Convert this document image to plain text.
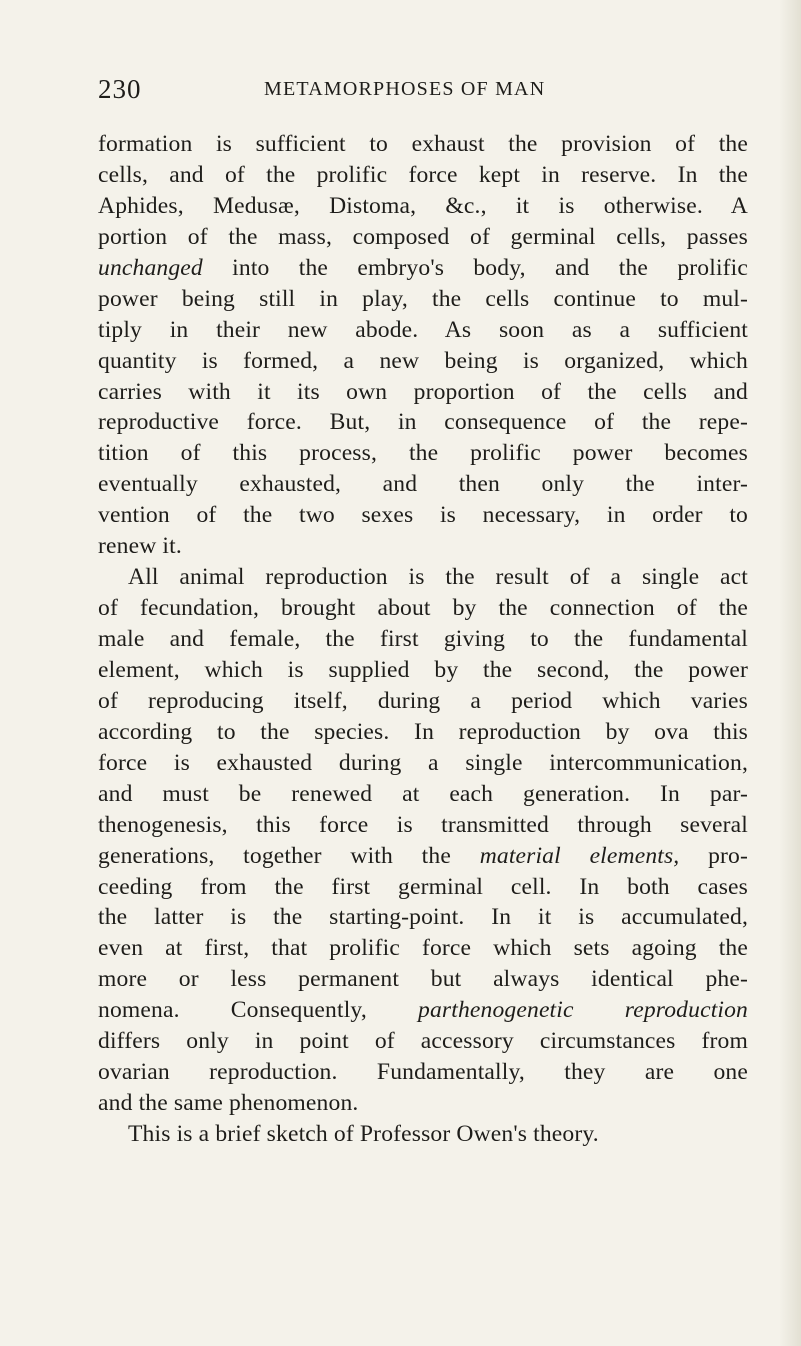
230	METAMORPHOSES OF MAN

formation is sufficient to exhaust the provision of the

cells, and of the prolific force kept in reserve. In the

Aphides, Medusæ, Distoma, &c., it is otherwise. A

portion of the mass, composed of germinal cells, passes

unchanged into the embryo's body, and the prolific

power being still in play, the cells continue to mul-

tiply in their new abode. As soon as a sufficient

quantity is formed, a new being is organized, which

carries with it its own proportion of the cells and

reproductive force. But, in consequence of the repe-

tition of this process, the prolific power becomes

eventually exhausted, and then only the inter-

vention of the two sexes is necessary, in order to

renew it.

All animal reproduction is the result of a single act

of fecundation, brought about by the connection of the

male and female, the first giving to the fundamental

element, which is supplied by the second, the power

of reproducing itself, during a period which varies

according to the species. In reproduction by ova this

force is exhausted during a single intercommunication,

and must be renewed at each generation. In par-

thenogenesis, this force is transmitted through several

generations, together with the material elements, pro-

ceeding from the first germinal cell. In both cases

the latter is the starting-point. In it is accumulated,

even at first, that prolific force which sets agoing the

more or less permanent but always identical phe-

nomena. Consequently, parthenogenetic reproduction

differs only in point of accessory circumstances from

ovarian reproduction. Fundamentally, they are one

and the same phenomenon.

This is a brief sketch of Professor Owen's theory.
